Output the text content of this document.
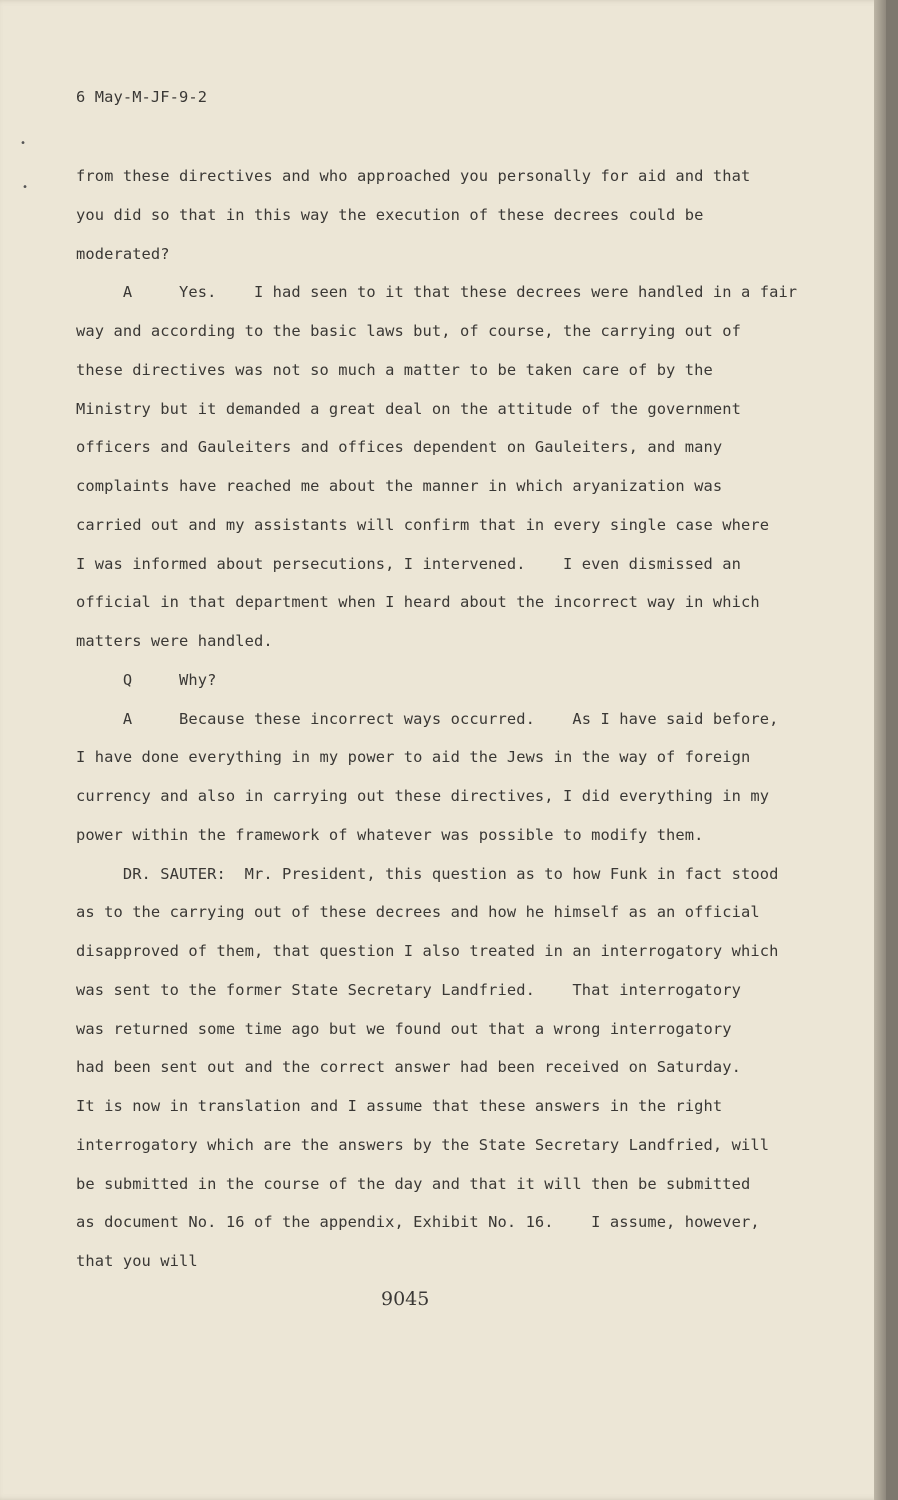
•
•
6 May-M-JF-9-2
from these directives and who approached you personally for aid and that
you did so that in this way the execution of these decrees could be
moderated?
A     Yes.    I had seen to it that these decrees were handled in a fair
way and according to the basic laws but, of course, the carrying out of
these directives was not so much a matter to be taken care of by the
Ministry but it demanded a great deal on the attitude of the government
officers and Gauleiters and offices dependent on Gauleiters, and many
complaints have reached me about the manner in which aryanization was
carried out and my assistants will confirm that in every single case where
I was informed about persecutions, I intervened.    I even dismissed an
official in that department when I heard about the incorrect way in which
matters were handled.
Q     Why?
A     Because these incorrect ways occurred.    As I have said before,
I have done everything in my power to aid the Jews in the way of foreign
currency and also in carrying out these directives, I did everything in my
power within the framework of whatever was possible to modify them.
DR. SAUTER:  Mr. President, this question as to how Funk in fact stood
as to the carrying out of these decrees and how he himself as an official
disapproved of them, that question I also treated in an interrogatory which
was sent to the former State Secretary Landfried.    That interrogatory
was returned some time ago but we found out that a wrong interrogatory
had been sent out and the correct answer had been received on Saturday.
It is now in translation and I assume that these answers in the right
interrogatory which are the answers by the State Secretary Landfried, will
be submitted in the course of the day and that it will then be submitted
as document No. 16 of the appendix, Exhibit No. 16.    I assume, however,
that you will
9045
